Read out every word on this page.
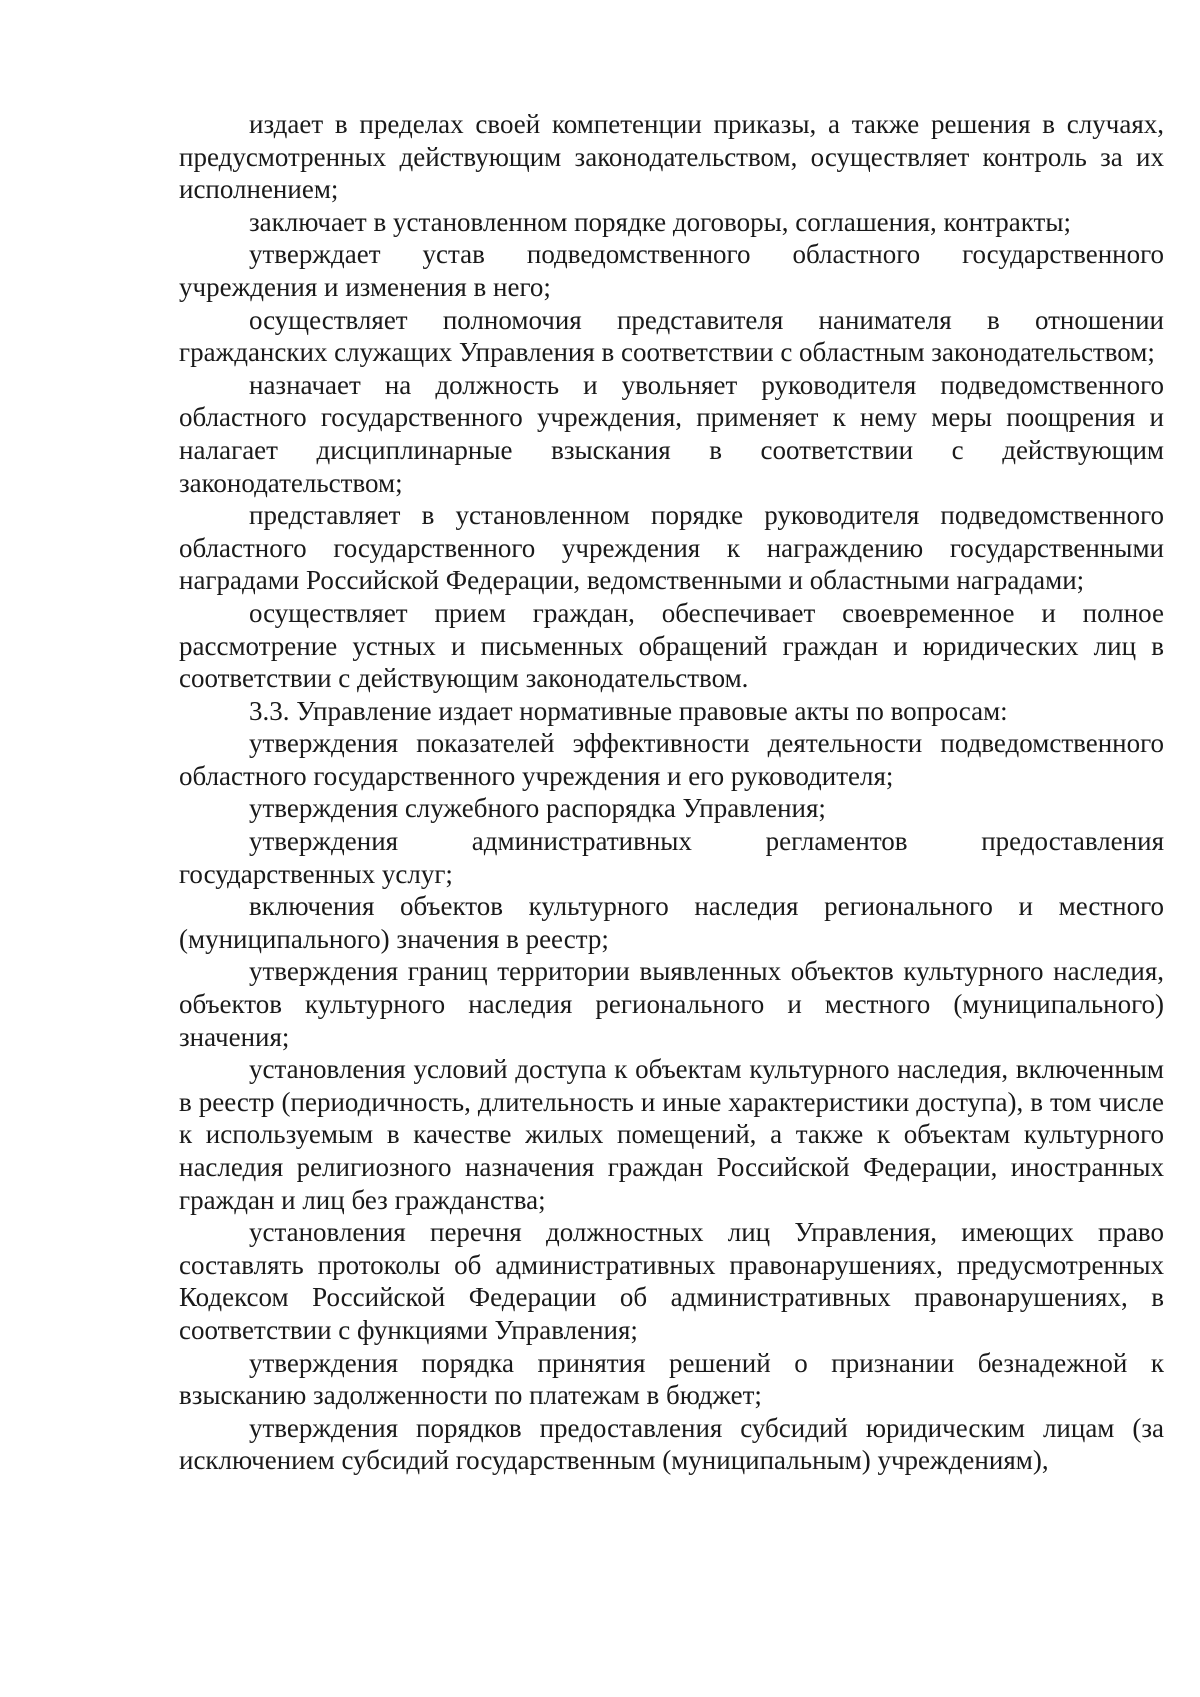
издает в пределах своей компетенции приказы, а также решения в случаях, предусмотренных действующим законодательством, осуществляет контроль за их исполнением;

заключает в установленном порядке договоры, соглашения, контракты;

утверждает устав подведомственного областного государственного учреждения и изменения в него;

осуществляет полномочия представителя нанимателя в отношении гражданских служащих Управления в соответствии с областным законодательством;

назначает на должность и увольняет руководителя подведомственного областного государственного учреждения, применяет к нему меры поощрения и налагает дисциплинарные взыскания в соответствии с действующим законодательством;

представляет в установленном порядке руководителя подведомственного областного государственного учреждения к награждению государственными наградами Российской Федерации, ведомственными и областными наградами;

осуществляет прием граждан, обеспечивает своевременное и полное рассмотрение устных и письменных обращений граждан и юридических лиц в соответствии с действующим законодательством.

3.3. Управление издает нормативные правовые акты по вопросам:

утверждения показателей эффективности деятельности подведомственного областного государственного учреждения и его руководителя;

утверждения служебного распорядка Управления;

утверждения административных регламентов предоставления государственных услуг;

включения объектов культурного наследия регионального и местного (муниципального) значения в реестр;

утверждения границ территории выявленных объектов культурного наследия, объектов культурного наследия регионального и местного (муниципального) значения;

установления условий доступа к объектам культурного наследия, включенным в реестр (периодичность, длительность и иные характеристики доступа), в том числе к используемым в качестве жилых помещений, а также к объектам культурного наследия религиозного назначения граждан Российской Федерации, иностранных граждан и лиц без гражданства;

установления перечня должностных лиц Управления, имеющих право составлять протоколы об административных правонарушениях, предусмотренных Кодексом Российской Федерации об административных правонарушениях, в соответствии с функциями Управления;

утверждения порядка принятия решений о признании безнадежной к взысканию задолженности по платежам в бюджет;

утверждения порядков предоставления субсидий юридическим лицам (за исключением субсидий государственным (муниципальным) учреждениям),
